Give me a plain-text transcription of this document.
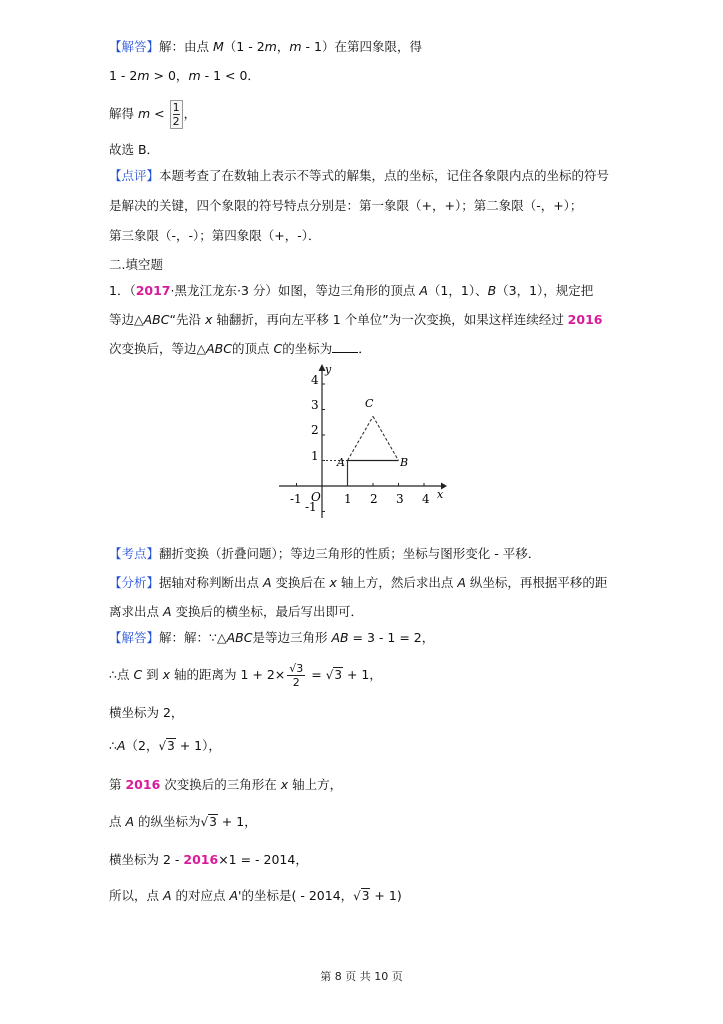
【解答】解：由点 M（1 - 2m，m - 1）在第四象限，得
1 - 2m > 0，m - 1 < 0．
解得 $m < \frac{1}{2}$ ，
故选 B．
【点评】本题考查了在数轴上表示不等式的解集，点的坐标，记住各象限内点的坐标的符号
是解决的关键，四个象限的符号特点分别是：第一象限（+，+）；第二象限（-，+）；
第三象限（-，-）；第四象限（+，-）．
二.填空题
1．（2017·黑龙江龙东·3 分）如图，等边三角形的顶点 A（1，1）、B（3，1），规定把
等边△ABC“先沿 x 轴翻折，再向左平移 1 个单位”为一次变换，如果这样连续经过 2016
次变换后，等边△ABC的顶点 C的坐标为 ．
y
x
O
-1	1 2 3 4
4
3
2
1
-1
A	B
C
【考点】翻折变换（折叠问题）；等边三角形的性质；坐标与图形变化 - 平移．
【分析】据轴对称判断出点 A 变换后在 x 轴上方，然后求出点 A 纵坐标，再根据平移的距
离求出点 A 变换后的横坐标，最后写出即可．
【解答】解：解：∵△ABC是等边三角形 AB = 3 - 1 = 2，
∴点 C 到 x 轴的距离为 $1 + 2\times \frac{√3}{2} = √3 + 1$，
横坐标为 2，
∴A（2，√3 + 1），
第 2016 次变换后的三角形在 x 轴上方，
点 A 的纵坐标为√3 + 1，
横坐标为 2 - 2016×1 = - 2014，
所以，点 A 的对应点 A'的坐标是( - 2014，√3 + 1)
第 8 页 共 10 页
